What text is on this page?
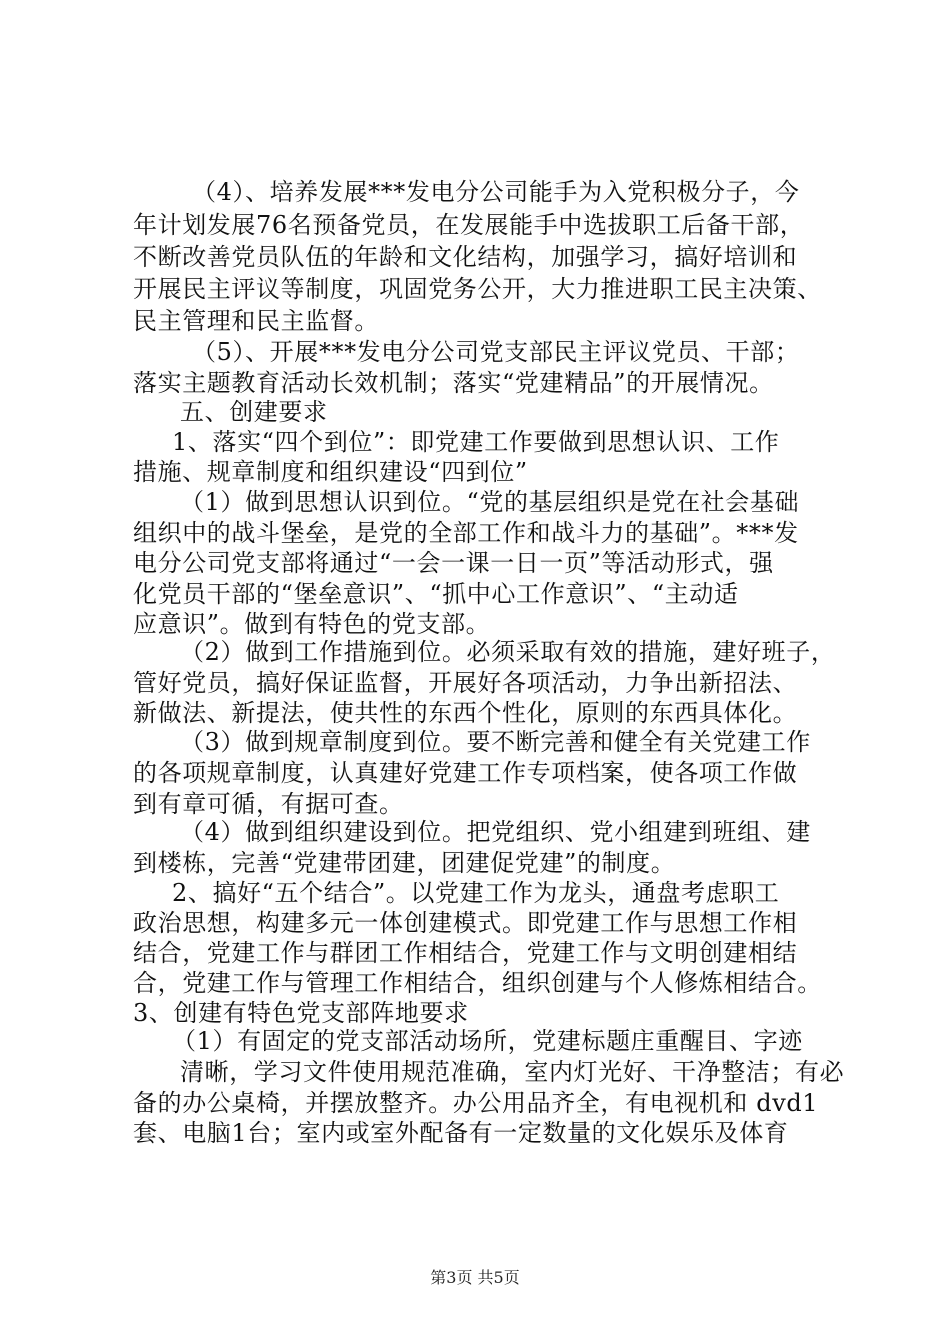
（4）、培养发展***发电分公司能手为入党积极分子，今

年计划发展76名预备党员，在发展能手中选拔职工后备干部，

不断改善党员队伍的年龄和文化结构，加强学习，搞好培训和

开展民主评议等制度，巩固党务公开，大力推进职工民主决策、

民主管理和民主监督。

（5）、开展***发电分公司党支部民主评议党员、干部；

落实主题教育活动长效机制；落实“党建精品”的开展情况。

五、创建要求

1、落实“四个到位”：即党建工作要做到思想认识、工作

措施、规章制度和组织建设“四到位”

（1）做到思想认识到位。“党的基层组织是党在社会基础

组织中的战斗堡垒，是党的全部工作和战斗力的基础”。***发

电分公司党支部将通过“一会一课一日一页”等活动形式，强

化党员干部的“堡垒意识”、“抓中心工作意识”、“主动适

应意识”。做到有特色的党支部。

（2）做到工作措施到位。必须采取有效的措施，建好班子，

管好党员，搞好保证监督，开展好各项活动，力争出新招法、

新做法、新提法，使共性的东西个性化，原则的东西具体化。

（3）做到规章制度到位。要不断完善和健全有关党建工作

的各项规章制度，认真建好党建工作专项档案，使各项工作做

到有章可循，有据可查。

（4）做到组织建设到位。把党组织、党小组建到班组、建

到楼栋，完善“党建带团建，团建促党建”的制度。

2、搞好“五个结合”。以党建工作为龙头，通盘考虑职工

政治思想，构建多元一体创建模式。即党建工作与思想工作相

结合，党建工作与群团工作相结合，党建工作与文明创建相结

合，党建工作与管理工作相结合，组织创建与个人修炼相结合。

3、创建有特色党支部阵地要求

（1）有固定的党支部活动场所，党建标题庄重醒目、字迹

清晰，学习文件使用规范准确，室内灯光好、干净整洁；有必

备的办公桌椅，并摆放整齐。办公用品齐全，有电视机和 dvd1

套、电脑1台；室内或室外配备有一定数量的文化娱乐及体育

第3页 共5页
